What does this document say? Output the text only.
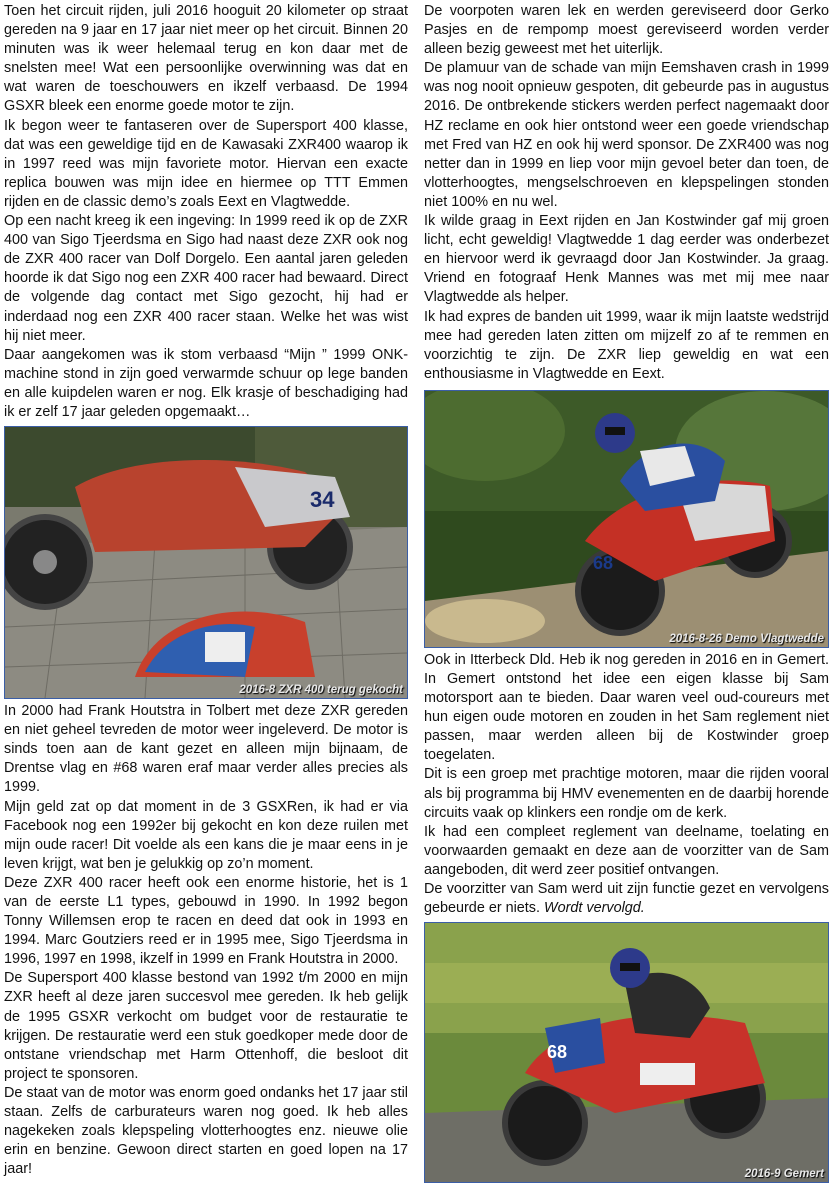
Toen het circuit rijden, juli 2016 hooguit 20 kilometer op straat gereden na 9 jaar en 17 jaar niet meer op het circuit. Binnen 20 minuten was ik weer helemaal terug en kon daar met de snelsten mee! Wat een persoonlijke overwinning was dat en wat waren de toeschouwers en ikzelf verbaasd. De 1994 GSXR bleek een enorme goede motor te zijn.

Ik begon weer te fantaseren over de Supersport 400 klasse, dat was een geweldige tijd en de Kawasaki ZXR400 waarop ik in 1997 reed was mijn favoriete motor. Hiervan een exacte replica bouwen was mijn idee en hiermee op TTT Emmen rijden en de classic demo’s zoals Eext en Vlagtwedde.

Op een nacht kreeg ik een ingeving: In 1999 reed ik op de ZXR 400 van Sigo Tjeerdsma en Sigo had naast deze ZXR ook nog de ZXR 400 racer van Dolf Dorgelo. Een aantal jaren geleden hoorde ik dat Sigo nog een ZXR 400 racer had bewaard. Direct de volgende dag contact met Sigo gezocht, hij had er inderdaad nog een ZXR 400 racer staan. Welke het was wist hij niet meer.

Daar aangekomen was ik stom verbaasd “Mijn ” 1999 ONK-machine stond in zijn goed verwarmde schuur op lege banden en alle kuipdelen waren er nog. Elk krasje of beschadiging had ik er zelf 17 jaar geleden opgemaakt…

34
2016-8 ZXR 400 terug gekocht

In 2000 had Frank Houtstra in Tolbert met deze ZXR gereden en niet geheel tevreden de motor weer ingeleverd. De motor is sinds toen aan de kant gezet en alleen mijn bijnaam, de Drentse vlag en #68 waren eraf maar verder alles precies als 1999.

Mijn geld zat op dat moment in de 3 GSXRen, ik had er via Facebook nog een 1992er bij gekocht en kon deze ruilen met mijn oude racer! Dit voelde als een kans die je maar eens in je leven krijgt, wat ben je gelukkig op zo’n moment.

Deze ZXR 400 racer heeft ook een enorme historie, het is 1 van de eerste L1 types, gebouwd in 1990. In 1992 begon Tonny Willemsen erop te racen en deed dat ook in 1993 en 1994. Marc Goutziers reed er in 1995 mee, Sigo Tjeerdsma in 1996, 1997 en 1998, ikzelf in 1999 en Frank Houtstra in 2000.

De Supersport 400 klasse bestond van 1992 t/m 2000 en mijn ZXR heeft al deze jaren succesvol mee gereden. Ik heb gelijk de 1995 GSXR verkocht om budget voor de restauratie te krijgen. De restauratie werd een stuk goedkoper mede door de ontstane vriendschap met Harm Ottenhoff, die besloot dit project te sponsoren.

De staat van de motor was enorm goed ondanks het 17 jaar stil staan. Zelfs de carburateurs waren nog goed. Ik heb alles nagekeken zoals klepspeling vlotterhoogtes enz. nieuwe olie erin en benzine. Gewoon direct starten en goed lopen na 17 jaar!

De voorpoten waren lek en werden gereviseerd door Gerko Pasjes en de rempomp moest gereviseerd worden verder alleen bezig geweest met het uiterlijk.

De plamuur van de schade van mijn Eemshaven crash in 1999 was nog nooit opnieuw gespoten, dit gebeurde pas in augustus 2016. De ontbrekende stickers werden perfect nagemaakt door HZ reclame en ook hier ontstond weer een goede vriendschap met Fred van HZ en ook hij werd sponsor. De ZXR400 was nog netter dan in 1999 en liep voor mijn gevoel beter dan toen, de vlotterhoogtes, mengselschroeven en klepspelingen stonden niet 100% en nu wel.

Ik wilde graag in Eext rijden en Jan Kostwinder gaf mij groen licht, echt geweldig! Vlagtwedde 1 dag eerder was onderbezet en hiervoor werd ik gevraagd door Jan Kostwinder. Ja graag. Vriend en fotograaf Henk Mannes was met mij mee naar Vlagtwedde als helper.

Ik had expres de banden uit 1999, waar ik mijn laatste wedstrijd mee had gereden laten zitten om mijzelf zo af te remmen en voorzichtig te zijn. De ZXR liep geweldig en wat een enthousiasme in Vlagtwedde en Eext.

68
2016-8-26 Demo Vlagtwedde

Ook in Itterbeck Dld. Heb ik nog gereden in 2016 en in Gemert. In Gemert ontstond het idee een eigen klasse bij Sam motorsport aan te bieden. Daar waren veel oud-coureurs met hun eigen oude motoren en zouden in het Sam reglement niet passen, maar werden alleen bij de Kostwinder groep toegelaten.

Dit is een groep met prachtige motoren, maar die rijden vooral als bij programma bij HMV evenementen en de daarbij horende circuits vaak op klinkers een rondje om de kerk.

Ik had een compleet reglement van deelname, toelating en voorwaarden gemaakt en deze aan de voorzitter van de Sam aangeboden, dit werd zeer positief ontvangen.

De voorzitter van Sam werd uit zijn functie gezet en vervolgens gebeurde er niets. Wordt vervolgd.

68
2016-9 Gemert
